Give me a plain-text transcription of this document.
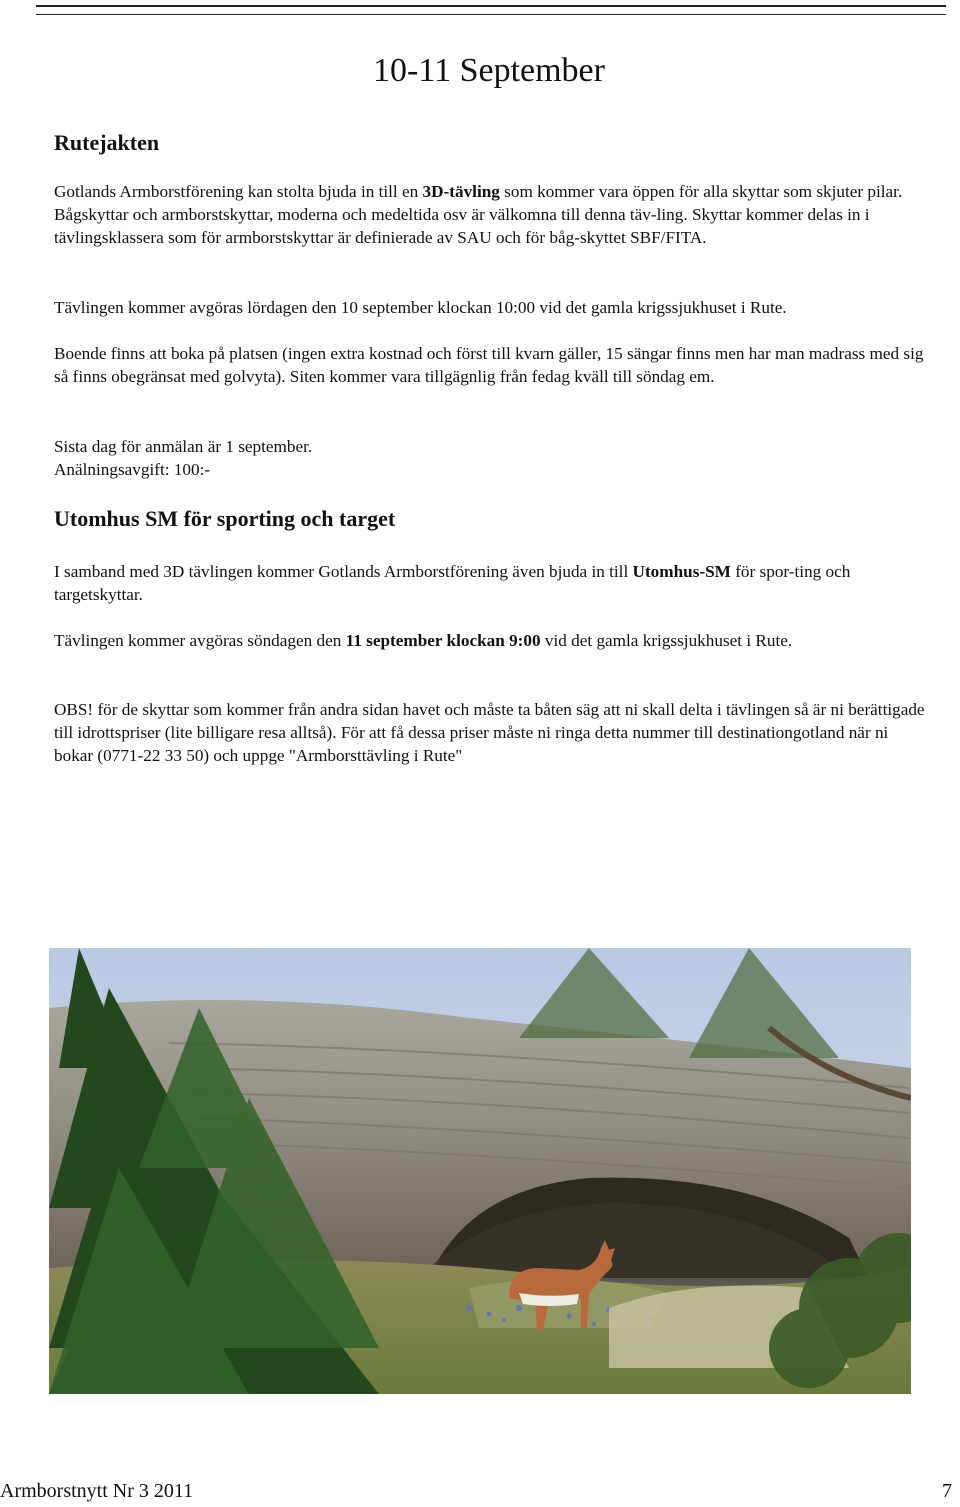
10-11 September
Rutejakten

Gotlands Armborstförening kan stolta bjuda in till en 3D-tävling som kommer vara öppen för alla skyttar som skjuter pilar. Bågskyttar och armborstskyttar, moderna och medeltida osv är välkomna till denna täv-ling. Skyttar kommer delas in i tävlingsklassera som för armborstskyttar är definierade av SAU och för båg-skyttet SBF/FITA.

Tävlingen kommer avgöras lördagen den 10 september klockan 10:00 vid det gamla krigssjukhuset i Rute.

Boende finns att boka på platsen (ingen extra kostnad och först till kvarn gäller, 15 sängar finns men har man madrass med sig så finns obegränsat med golvyta). Siten kommer vara tillgägnlig från fedag kväll till söndag em.

Sista dag för anmälan är 1 september.

Anälningsavgift: 100:-

Utomhus SM för sporting och target

I samband med 3D tävlingen kommer Gotlands Armborstförening även bjuda in till Utomhus-SM för spor-ting och targetskyttar.

Tävlingen kommer avgöras söndagen den 11 september klockan 9:00 vid det gamla krigssjukhuset i Rute.

OBS! för de skyttar som kommer från andra sidan havet och måste ta båten säg att ni skall delta i tävlingen så är ni berättigade till idrottspriser (lite billigare resa alltså). För att få dessa priser måste ni ringa detta nummer till destinationgotland när ni bokar (0771-22 33 50) och uppge "Armborsttävling i Rute"

Armborstnytt Nr 3 2011	7
